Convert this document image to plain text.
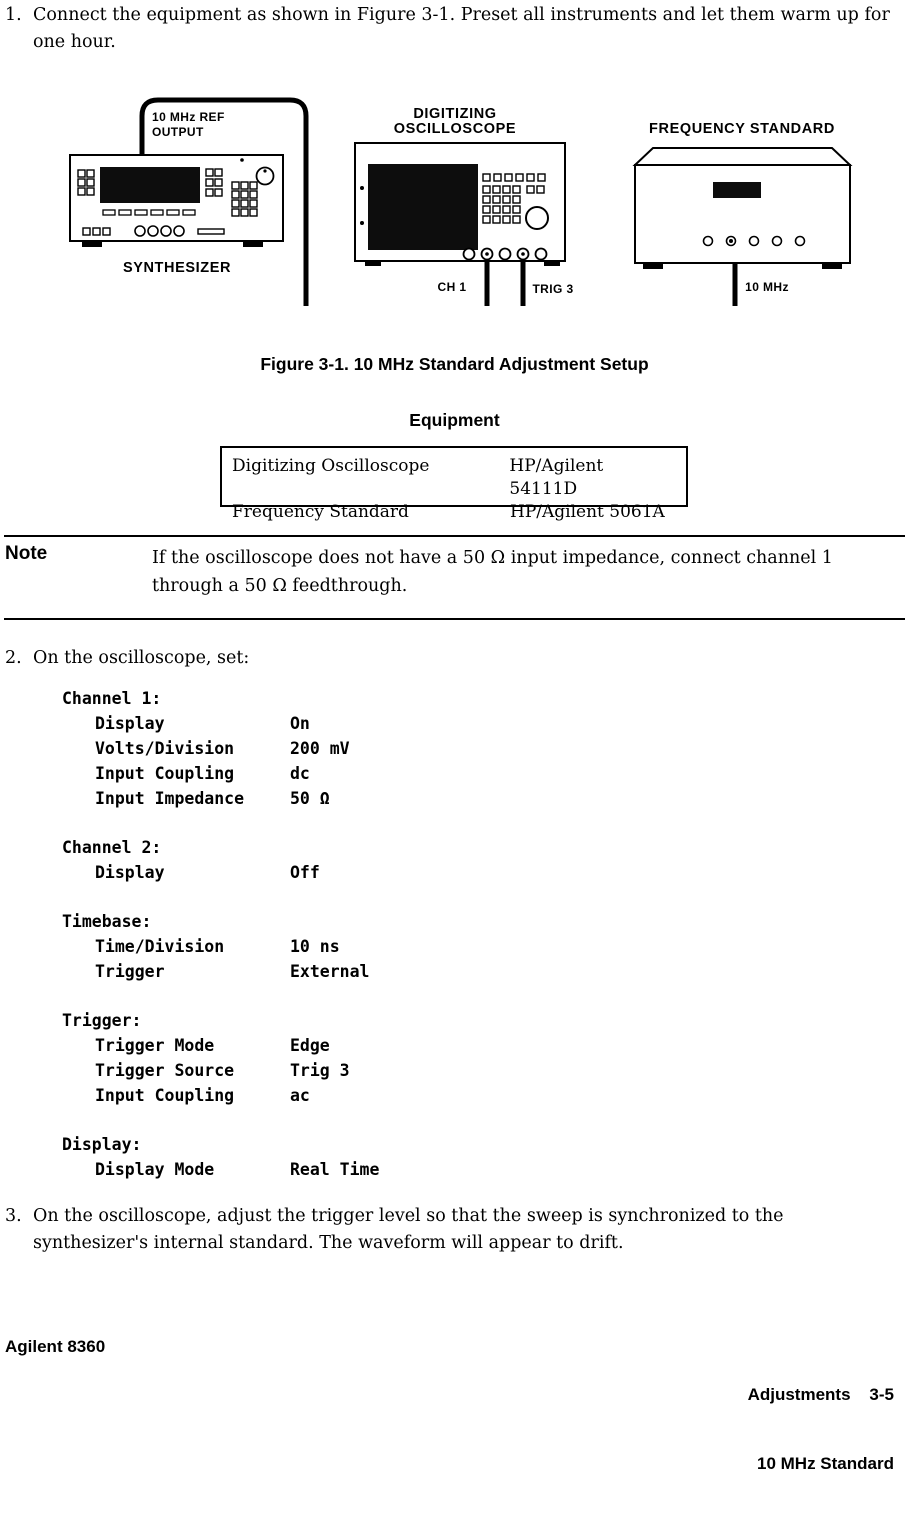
1. Connect the equipment as shown in Figure 3-1. Preset all instruments and let them warm up for one hour.
10 MHz REF
OUTPUT
SYNTHESIZER
DIGITIZING
OSCILLOSCOPE	FREQUENCY STANDARD
CH 1	TRIG 3	10 MHz
Figure 3-1. 10 MHz Standard Adjustment Setup
Equipment
Digitizing Oscilloscope	HP/Agilent 54111D
Frequency Standard	HP/Agilent 5061A
Note	If the oscilloscope does not have a 50 Ω input impedance, connect channel 1 through a 50 Ω feedthrough.
2. On the oscilloscope, set:
Channel 1:
Display	On
Volts/Division	200 mV
Input Coupling	dc
Input Impedance	50 Ω
Channel 2:
Display	Off
Timebase:
Time/Division	10 ns
Trigger	External
Trigger:
Trigger Mode	Edge
Trigger Source	Trig 3
Input Coupling	ac
Display:
Display Mode	Real Time
3. On the oscilloscope, adjust the trigger level so that the sweep is synchronized to the synthesizer's internal standard. The waveform will appear to drift.
Agilent 8360

Adjustments    3-5

10 MHz Standard
